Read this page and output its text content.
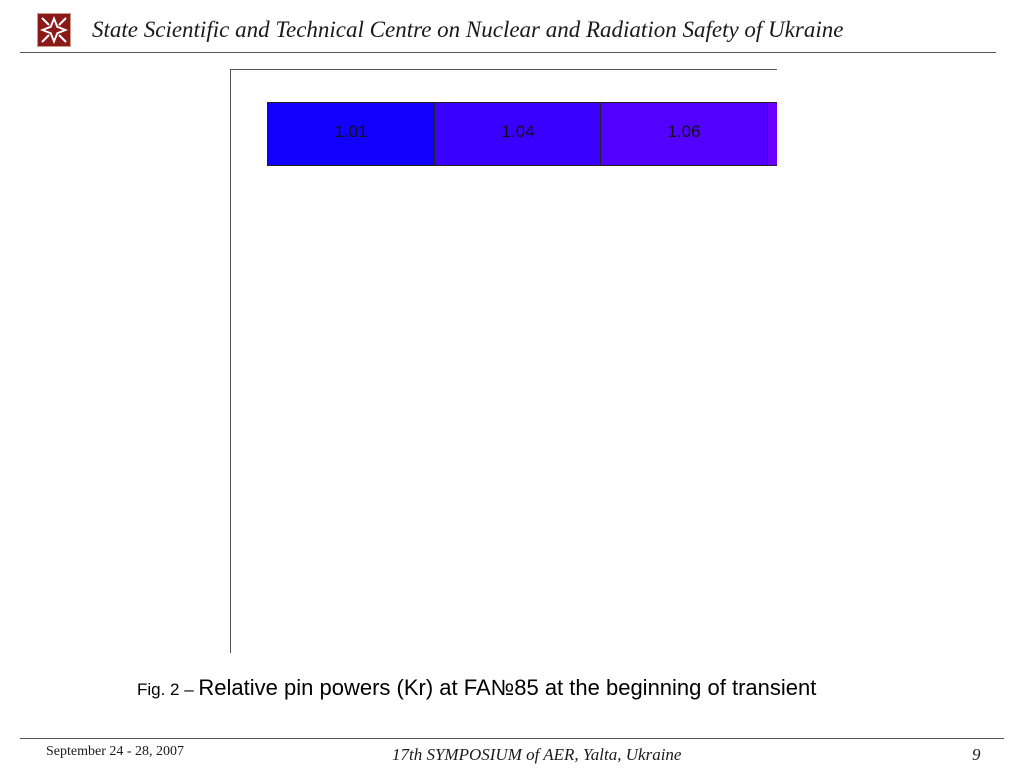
State Scientific and Technical Centre on Nuclear and Radiation Safety of Ukraine
1.01	1.04	1.06
Fig. 2 – Relative pin powers (Kr) at FA№85 at the beginning of transient
September 24 - 28, 2007	17th SYMPOSIUM of AER, Yalta, Ukraine	9
